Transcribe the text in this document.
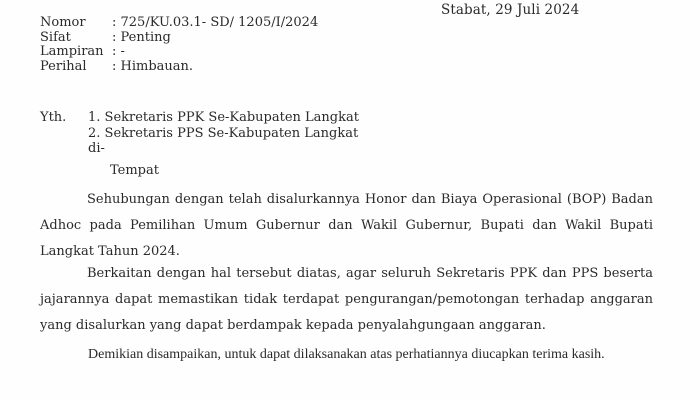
Stabat, 29 Juli 2024
Nomor	: 725/KU.03.1- SD/ 1205/I/2024
Sifat	: Penting
Lampiran : -
Perihal	: Himbauan.
Yth.	1. Sekretaris PPK Se-Kabupaten Langkat
2. Sekretaris PPS Se-Kabupaten Langkat
di-
Tempat
Sehubungan dengan telah disalurkannya Honor dan Biaya Operasional (BOP) Badan Adhoc pada Pemilihan Umum Gubernur dan Wakil Gubernur, Bupati dan Wakil Bupati Langkat Tahun 2024.
Berkaitan dengan hal tersebut diatas, agar seluruh Sekretaris PPK dan PPS beserta jajarannya dapat memastikan tidak terdapat pengurangan/pemotongan terhadap anggaran yang disalurkan yang dapat berdampak kepada penyalahgungaan anggaran.
Demikian disampaikan, untuk dapat dilaksanakan atas perhatiannya diucapkan terima kasih.
